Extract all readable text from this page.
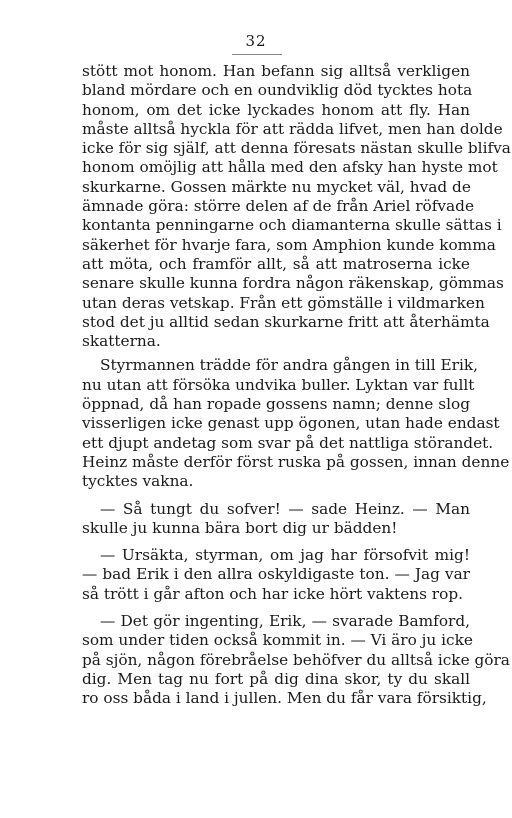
32

stött mot honom. Han befann sig alltså verkligen
bland mördare och en oundviklig död tycktes hota
honom, om det icke lyckades honom att fly. Han
måste alltså hyckla för att rädda lifvet, men han dolde
icke för sig själf, att denna föresats nästan skulle blifva
honom omöjlig att hålla med den afsky han hyste mot
skurkarne. Gossen märkte nu mycket väl, hvad de
ämnade göra: större delen af de från Ariel röfvade
kontanta penningarne och diamanterna skulle sättas i
säkerhet för hvarje fara, som Amphion kunde komma
att möta, och framför allt, så att matroserna icke
senare skulle kunna fordra någon räkenskap, gömmas
utan deras vetskap. Från ett gömställe i vildmarken
stod det ju alltid sedan skurkarne fritt att återhämta
skatterna.

Styrmannen trädde för andra gången in till Erik,
nu utan att försöka undvika buller. Lyktan var fullt
öppnad, då han ropade gossens namn; denne slog
visserligen icke genast upp ögonen, utan hade endast
ett djupt andetag som svar på det nattliga störandet.
Heinz måste derför först ruska på gossen, innan denne
tycktes vakna.

— Så tungt du sofver! — sade Heinz. — Man
skulle ju kunna bära bort dig ur bädden!

— Ursäkta, styrman, om jag har försofvit mig!
— bad Erik i den allra oskyldigaste ton. — Jag var
så trött i går afton och har icke hört vaktens rop.

— Det gör ingenting, Erik, — svarade Bamford,
som under tiden också kommit in. — Vi äro ju icke
på sjön, någon förebråelse behöfver du alltså icke göra
dig. Men tag nu fort på dig dina skor, ty du skall
ro oss båda i land i jullen. Men du får vara försiktig,
